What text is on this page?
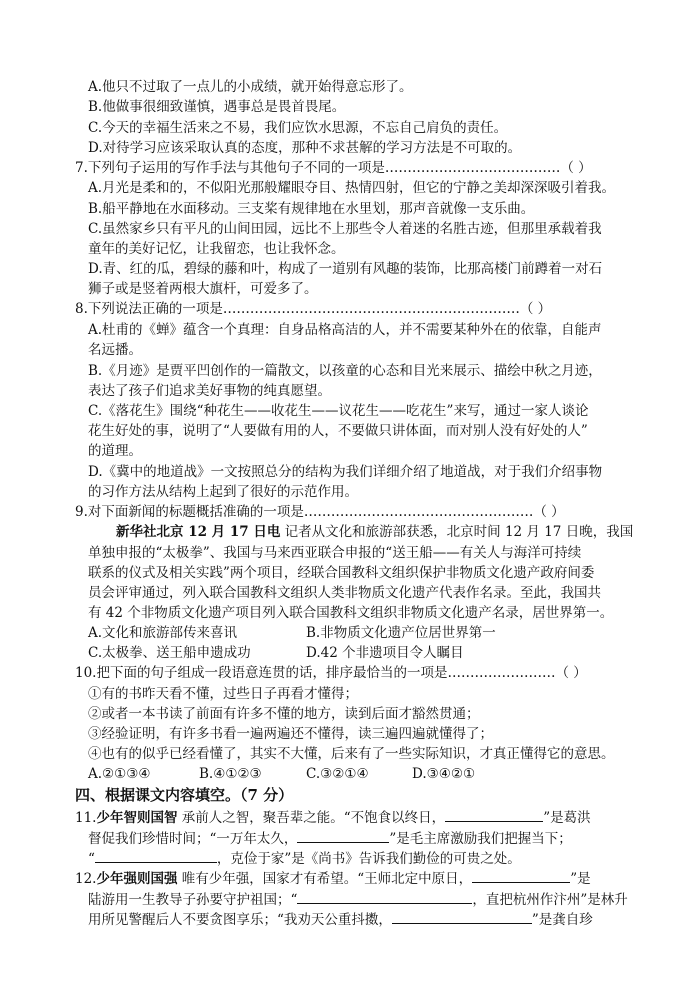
A.他只不过取了一点儿的小成绩，就开始得意忘形了。
B.他做事很细致谨慎，遇事总是畏首畏尾。
C.今天的幸福生活来之不易，我们应饮水思源，不忘自己肩负的责任。
D.对待学习应该采取认真的态度，那种不求甚解的学习方法是不可取的。
7.下列句子运用的写作手法与其他句子不同的一项是…………………………………（ ）
A.月光是柔和的，不似阳光那般耀眼夺目、热情四射，但它的宁静之美却深深吸引着我。
B.船平静地在水面移动。三支桨有规律地在水里划，那声音就像一支乐曲。
C.虽然家乡只有平凡的山间田园，远比不上那些令人着迷的名胜古迹，但那里承载着我
童年的美好记忆，让我留恋，也让我怀念。
D.青、红的瓜，碧绿的藤和叶，构成了一道别有风趣的装饰，比那高楼门前蹲着一对石
狮子或是竖着两根大旗杆，可爱多了。
8.下列说法正确的一项是…………………………………………………………（ ）
A.杜甫的《蝉》蕴含一个真理：自身品格高洁的人，并不需要某种外在的依靠，自能声
名远播。
B.《月迹》是贾平凹创作的一篇散文，以孩童的心态和目光来展示、描绘中秋之月迹，
表达了孩子们追求美好事物的纯真愿望。
C.《落花生》围绕“种花生——收花生——议花生——吃花生”来写，通过一家人谈论
花生好处的事，说明了“人要做有用的人，不要做只讲体面，而对别人没有好处的人”
的道理。
D.《冀中的地道战》一文按照总分的结构为我们详细介绍了地道战，对于我们介绍事物
的习作方法从结构上起到了很好的示范作用。
9.对下面新闻的标题概括准确的一项是……………………………………………（ ）
新华社北京 12 月 17 日电 记者从文化和旅游部获悉，北京时间 12 月 17 日晚，我国
单独申报的“太极拳”、我国与马来西亚联合申报的“送王船——有关人与海洋可持续
联系的仪式及相关实践”两个项目，经联合国教科文组织保护非物质文化遗产政府间委
员会评审通过，列入联合国教科文组织人类非物质文化遗产代表作名录。至此，我国共
有 42 个非物质文化遗产项目列入联合国教科文组织非物质文化遗产名录，居世界第一。
A.文化和旅游部传来喜讯	B.非物质文化遗产位居世界第一
C.太极拳、送王船申遗成功	D.42 个非遗项目令人瞩目
10.把下面的句子组成一段语意连贯的话，排序最恰当的一项是……………………（ ）
①有的书昨天看不懂，过些日子再看才懂得；
②或者一本书读了前面有许多不懂的地方，读到后面才豁然贯通；
③经验证明，有许多书看一遍两遍还不懂得，读三遍四遍就懂得了；
④也有的似乎已经看懂了，其实不大懂，后来有了一些实际知识，才真正懂得它的意思。
A.②①③④	B.④①②③	C.③②①④	D.③④②①
四、根据课文内容填空。（7 分）
11.少年智则国智 承前人之智，聚吾辈之能。“不饱食以终日，	”是葛洪
督促我们珍惜时间；“一万年太久，	”是毛主席激励我们把握当下；
“	，克俭于家”是《尚书》告诉我们勤俭的可贵之处。
12.少年强则国强 唯有少年强，国家才有希望。“王师北定中原日，	”是
陆游用一生教导子孙要守护祖国；“	，直把杭州作汴州”是林升
用所见警醒后人不要贪图享乐；“我劝天公重抖擞，	”是龚自珍
